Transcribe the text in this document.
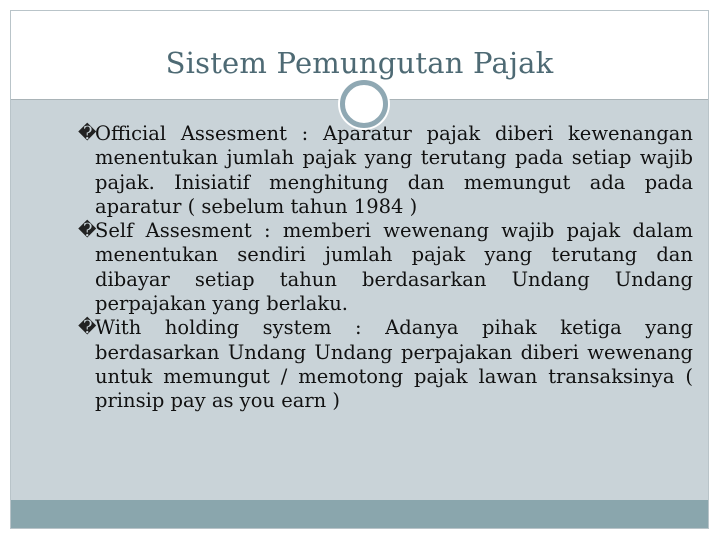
Sistem Pemungutan Pajak
�
Official Assesment : Aparatur pajak diberi kewenangan menentukan jumlah pajak yang terutang pada setiap wajib pajak. Inisiatif menghitung dan memungut ada pada aparatur ( sebelum tahun 1984 )
�
Self Assesment : memberi wewenang wajib pajak dalam menentukan sendiri jumlah pajak yang terutang dan dibayar setiap tahun berdasarkan Undang Undang perpajakan yang berlaku.
�
With holding system : Adanya pihak ketiga yang berdasarkan Undang Undang perpajakan diberi wewenang untuk memungut / memotong pajak lawan transaksinya ( prinsip pay as you earn )
